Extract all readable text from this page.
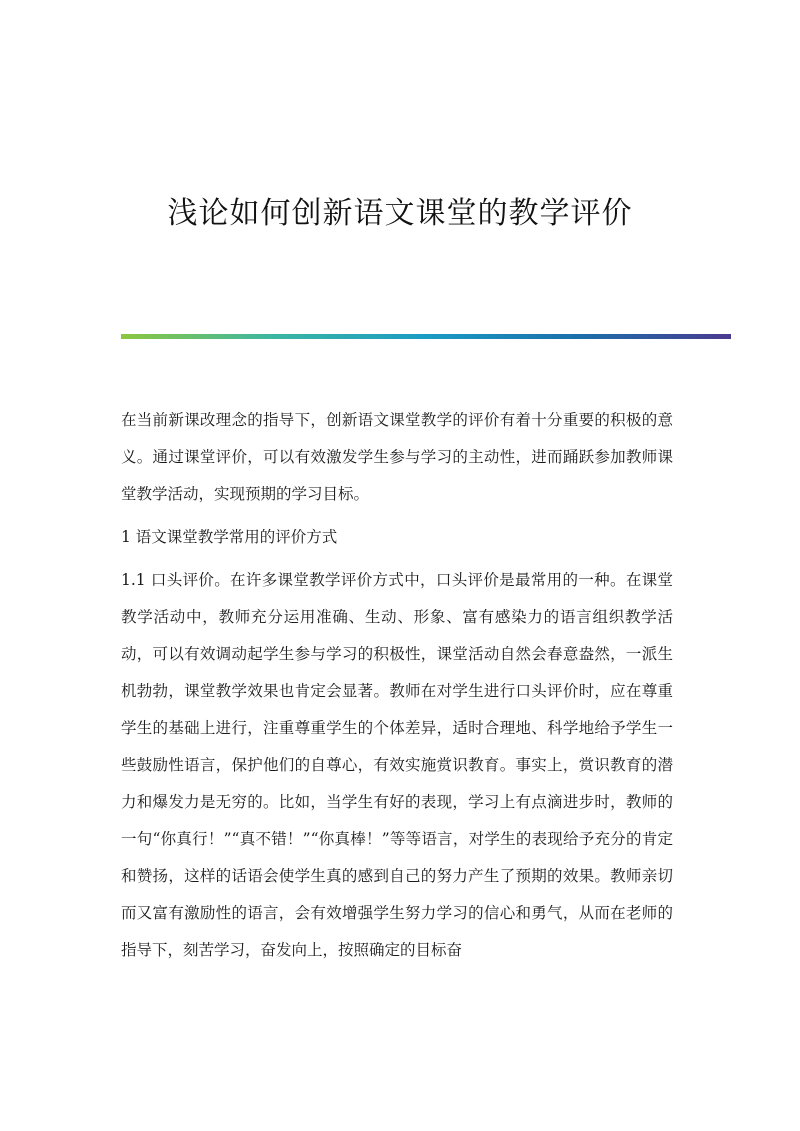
浅论如何创新语文课堂的教学评价

在当前新课改理念的指导下，创新语文课堂教学的评价有着十分重要的积极的意义。通过课堂评价，可以有效激发学生参与学习的主动性，进而踊跃参加教师课堂教学活动，实现预期的学习目标。

1 语文课堂教学常用的评价方式

1.1 口头评价。在许多课堂教学评价方式中，口头评价是最常用的一种。在课堂教学活动中，教师充分运用准确、生动、形象、富有感染力的语言组织教学活动，可以有效调动起学生参与学习的积极性，课堂活动自然会春意盎然，一派生机勃勃，课堂教学效果也肯定会显著。教师在对学生进行口头评价时，应在尊重学生的基础上进行，注重尊重学生的个体差异，适时合理地、科学地给予学生一些鼓励性语言，保护他们的自尊心，有效实施赏识教育。事实上，赏识教育的潜力和爆发力是无穷的。比如，当学生有好的表现，学习上有点滴进步时，教师的一句“你真行！”“真不错！”“你真棒！”等等语言，对学生的表现给予充分的肯定和赞扬，这样的话语会使学生真的感到自己的努力产生了预期的效果。教师亲切而又富有激励性的语言，会有效增强学生努力学习的信心和勇气，从而在老师的指导下，刻苦学习，奋发向上，按照确定的目标奋
